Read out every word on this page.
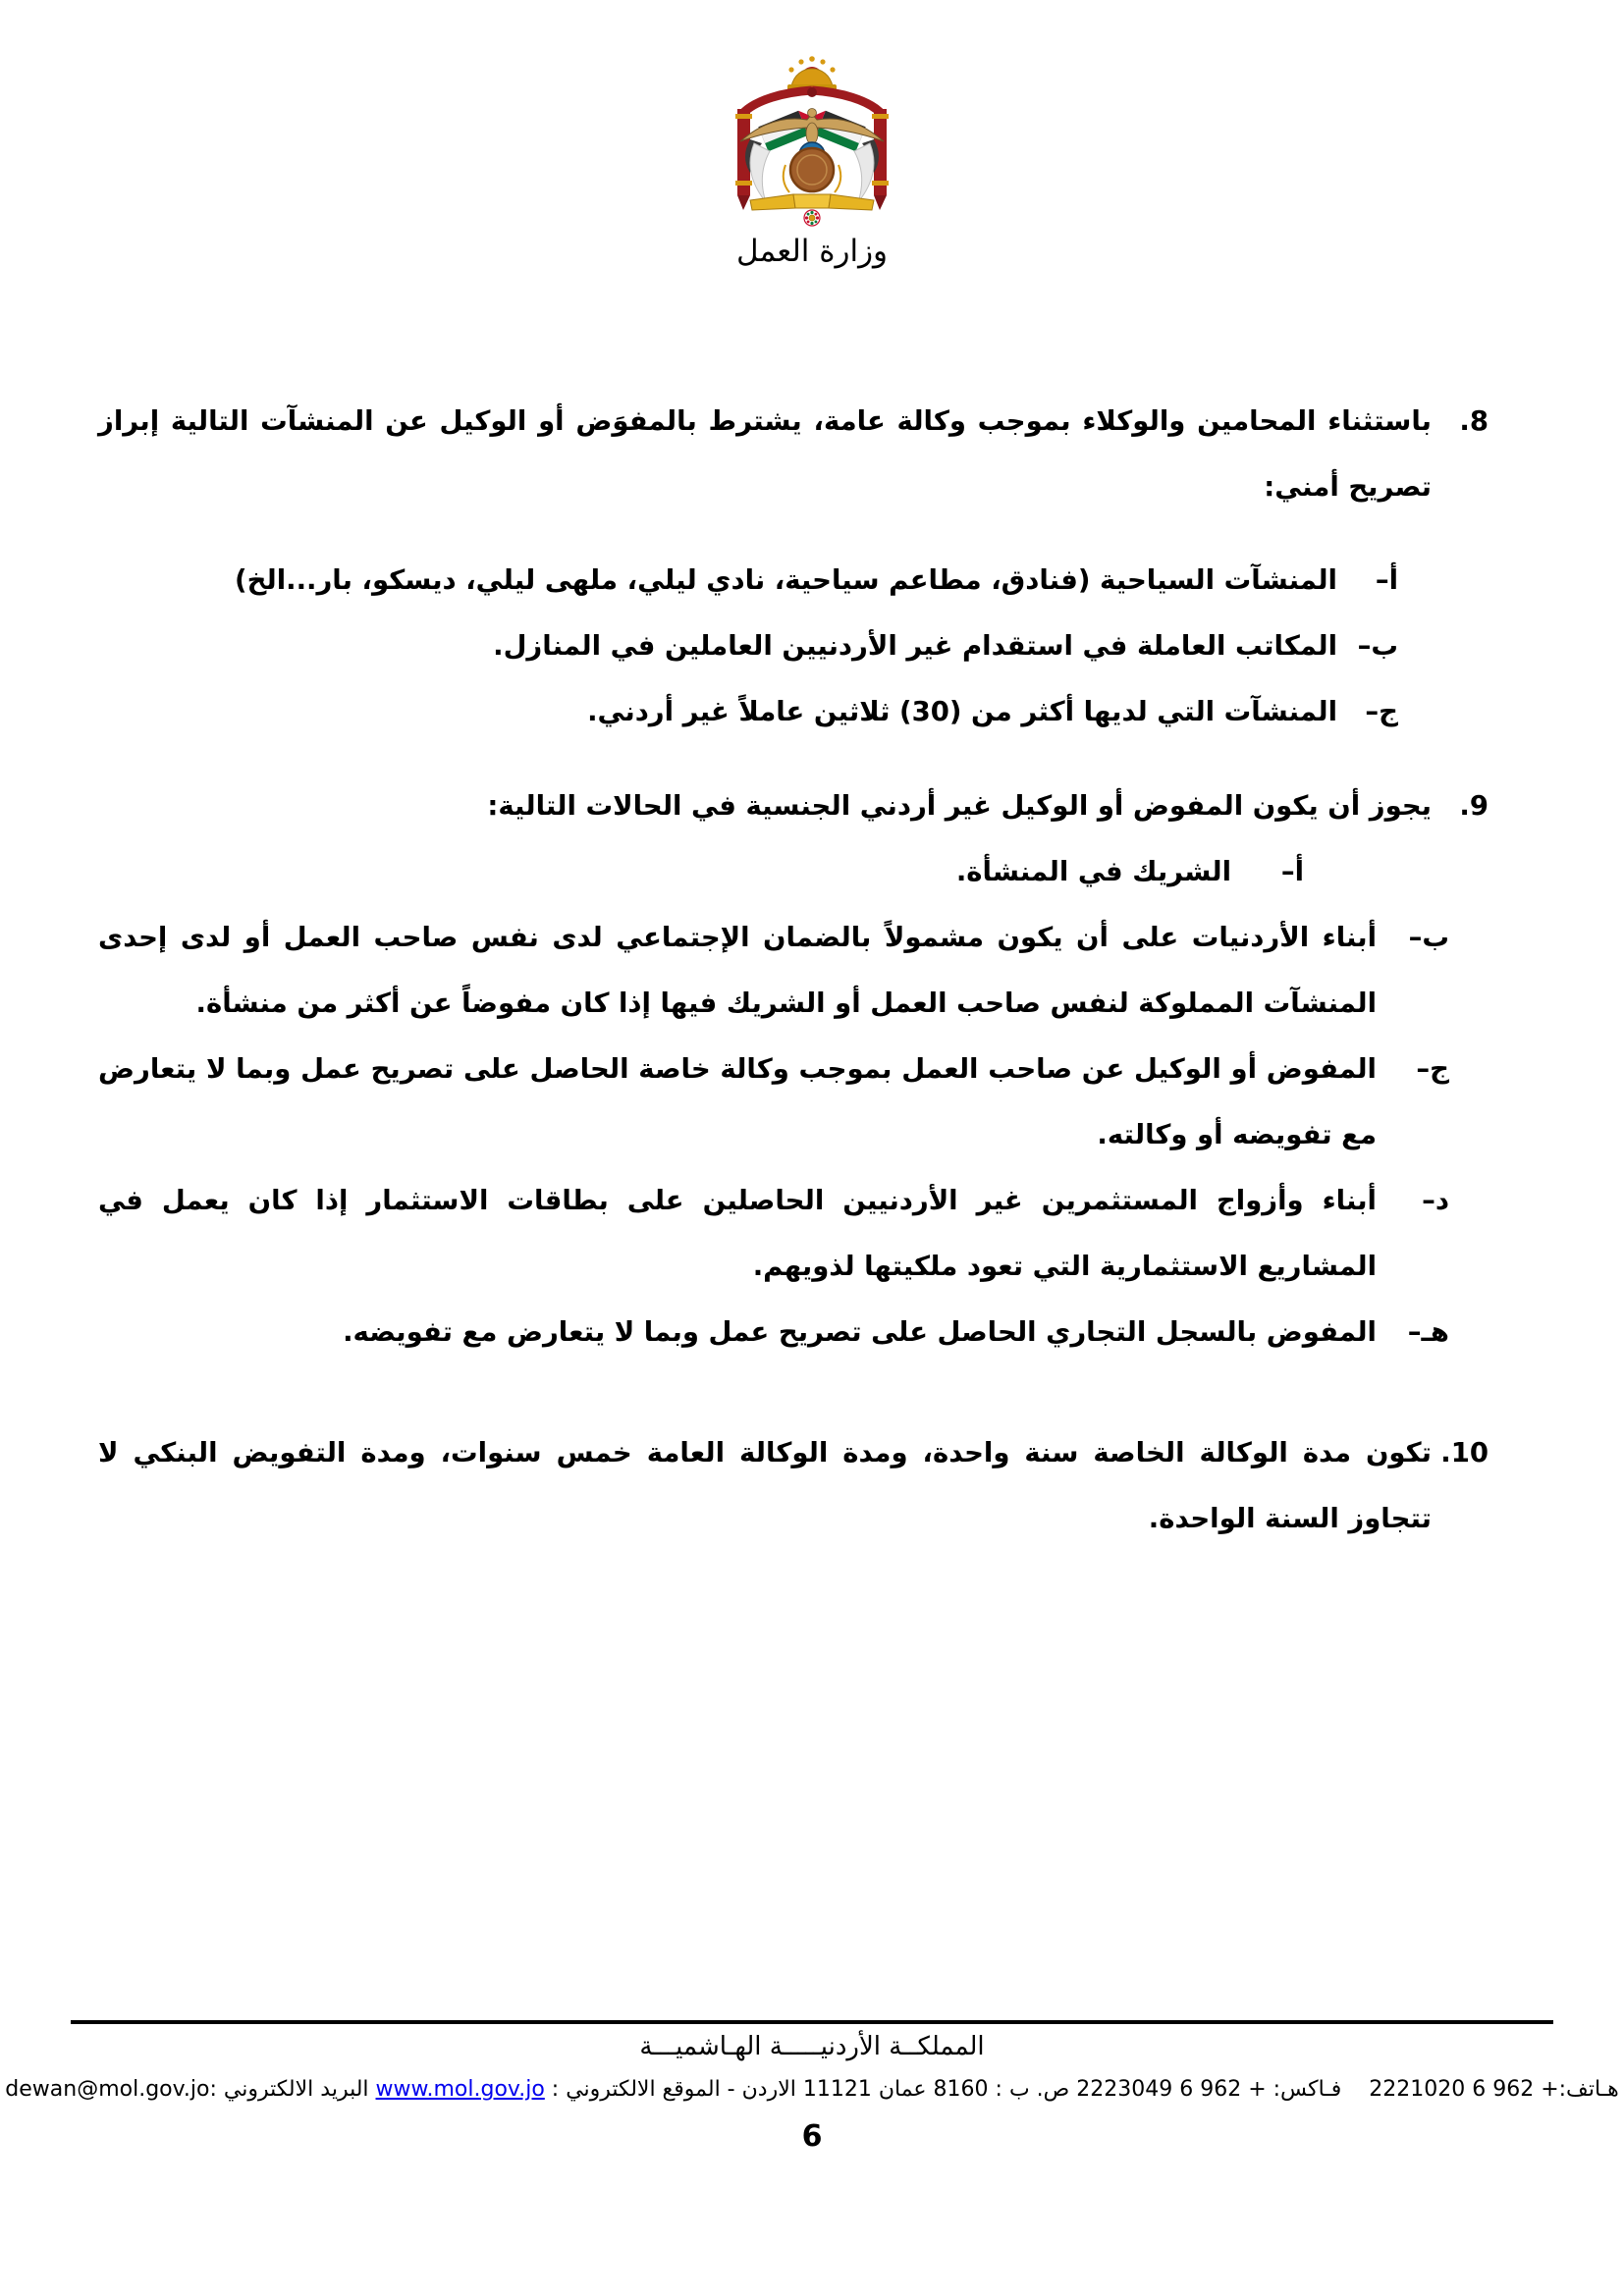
وزارة العمل
8.

باستثناء المحامين والوكلاء بموجب وكالة عامة، يشترط بالمفوَض أو الوكيل عن المنشآت التالية إبراز تصريح أمني:

أ–

المنشآت السياحية (فنادق، مطاعم سياحية، نادي ليلي، ملهى ليلي، ديسكو، بار...الخ)

ب–

المكاتب العاملة في استقدام غير الأردنيين العاملين في المنازل.

ج–

المنشآت التي لديها أكثر من (30) ثلاثين عاملاً غير أردني.

9.

يجوز أن يكون المفوض أو الوكيل غير أردني الجنسية في الحالات التالية:

أ–

الشريك في المنشأة.

ب–

أبناء الأردنيات على أن يكون مشمولاً بالضمان الإجتماعي لدى نفس صاحب العمل أو لدى إحدى المنشآت المملوكة لنفس صاحب العمل أو الشريك فيها إذا كان مفوضاً عن أكثر من منشأة.

ج–

المفوض أو الوكيل عن صاحب العمل بموجب وكالة خاصة الحاصل على تصريح عمل وبما لا يتعارض مع تفويضه أو وكالته.

د–

أبناء وأزواج المستثمرين غير الأردنيين الحاصلين على بطاقات الاستثمار إذا كان يعمل في المشاريع الاستثمارية التي تعود ملكيتها لذويهم.

هـ–

المفوض بالسجل التجاري الحاصل على تصريح عمل وبما لا يتعارض مع تفويضه.

10.

تكون مدة الوكالة الخاصة سنة واحدة، ومدة الوكالة العامة خمس سنوات، ومدة التفويض البنكي لا تتجاوز السنة الواحدة.

المملكــة الأردنيـــــة الهـاشميـــة
هـاتف:+ 962 6 2221020    فـاكس: + 962 6 2223049 ص. ب : 8160 عمان 11121 الاردن - الموقع الالكتروني : www.mol.gov.jo البريد الالكتروني :dewan@mol.gov.jo
6
